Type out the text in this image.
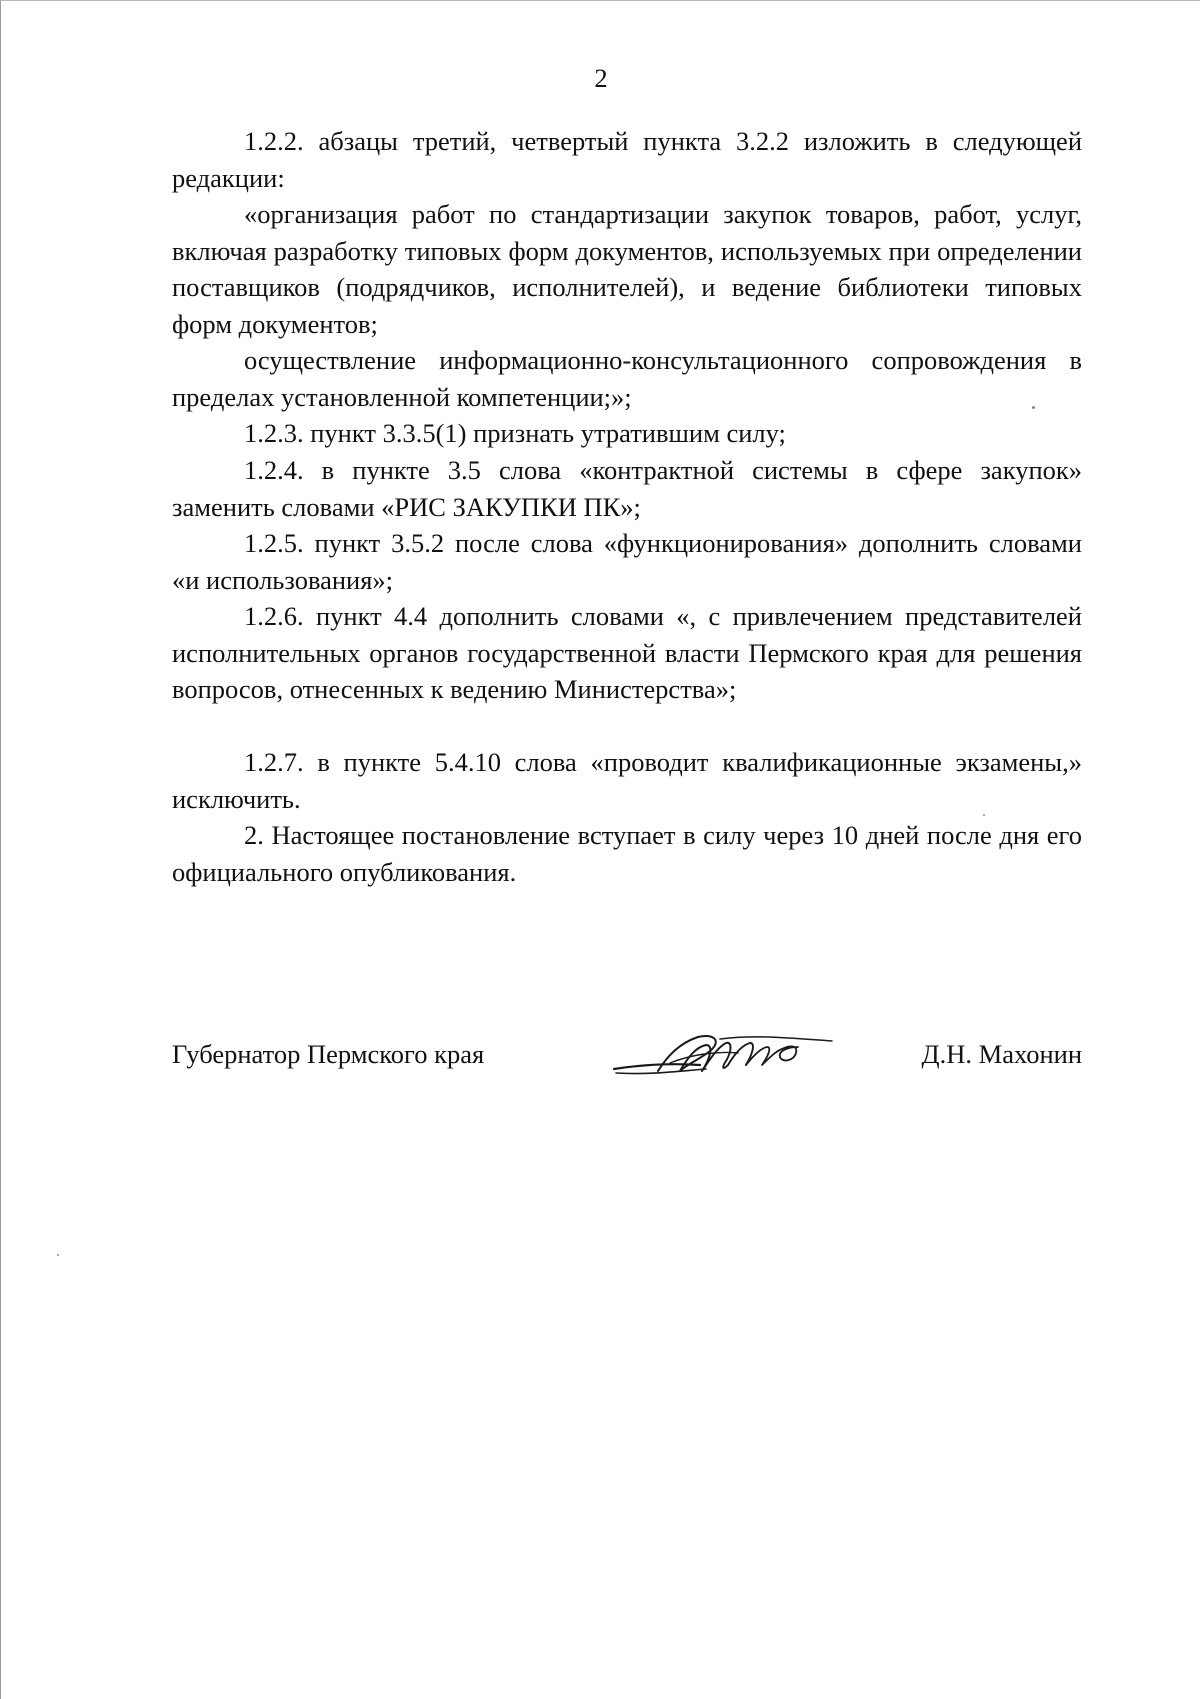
2

1.2.2. абзацы третий, четвертый пункта 3.2.2 изложить в следующей редакции:

«организация работ по стандартизации закупок товаров, работ, услуг, включая разработку типовых форм документов, используемых при определении поставщиков (подрядчиков, исполнителей), и ведение библиотеки типовых форм документов;

осуществление информационно-консультационного сопровождения в пределах установленной компетенции;»;

1.2.3. пункт 3.3.5(1) признать утратившим силу;

1.2.4. в пункте 3.5 слова «контрактной системы в сфере закупок» заменить словами «РИС ЗАКУПКИ ПК»;

1.2.5. пункт 3.5.2 после слова «функционирования» дополнить словами «и использования»;

1.2.6. пункт 4.4 дополнить словами «, с привлечением представителей исполнительных органов государственной власти Пермского края для решения вопросов, отнесенных к ведению Министерства»;

1.2.7. в пункте 5.4.10 слова «проводит квалификационные экзамены,» исключить.

2. Настоящее постановление вступает в силу через 10 дней после дня его официального опубликования.

Губернатор Пермского края	Д.Н. Махонин
